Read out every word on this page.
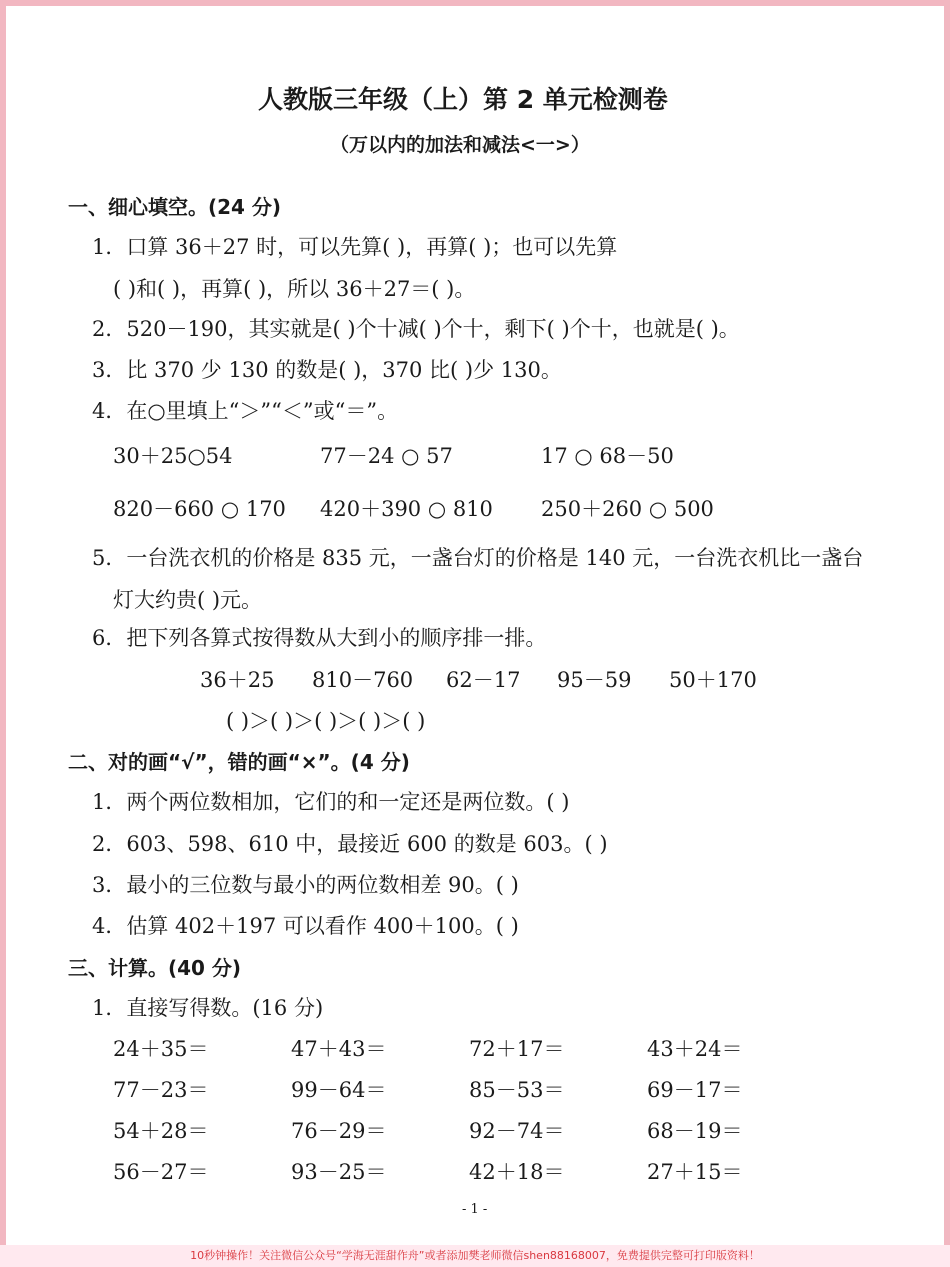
人教版三年级（上）第 2 单元检测卷
（万以内的加法和减法<一>）
一、细心填空。(24 分)
1．口算 36＋27 时，可以先算( )，再算( )；也可以先算
( )和( )，再算( )，所以 36＋27＝( )。
2．520－190，其实就是( )个十减( )个十，剩下( )个十，也就是( )。
3．比 370 少 130 的数是( )，370 比( )少 130。
4．在○里填上“＞”“＜”或“＝”。
30＋25○54	77－24 ○ 57	17 ○ 68－50
820－660 ○ 170 420＋390 ○ 810 250＋260 ○ 500
5．一台洗衣机的价格是 835 元，一盏台灯的价格是 140 元，一台洗衣机比一盏台
灯大约贵( )元。
6．把下列各算式按得数从大到小的顺序排一排。
36＋25 810－760 62－17 95－59 50＋170
( )＞( )＞( )＞( )＞( )
二、对的画“√”，错的画“×”。(4 分)
1．两个两位数相加，它们的和一定还是两位数。( )
2．603、598、610 中，最接近 600 的数是 603。( )
3．最小的三位数与最小的两位数相差 90。( )
4．估算 402＋197 可以看作 400＋100。( )
三、计算。(40 分)
1．直接写得数。(16 分)
24＋35＝	47＋43＝	72＋17＝	43＋24＝
77－23＝	99－64＝	85－53＝	69－17＝
54＋28＝	76－29＝	92－74＝	68－19＝
56－27＝	93－25＝	42＋18＝	27＋15＝
- 1 -
10秒钟操作！关注微信公众号“学海无涯甜作舟”或者添加樊老师微信shen88168007，免费提供完整可打印版资料！
